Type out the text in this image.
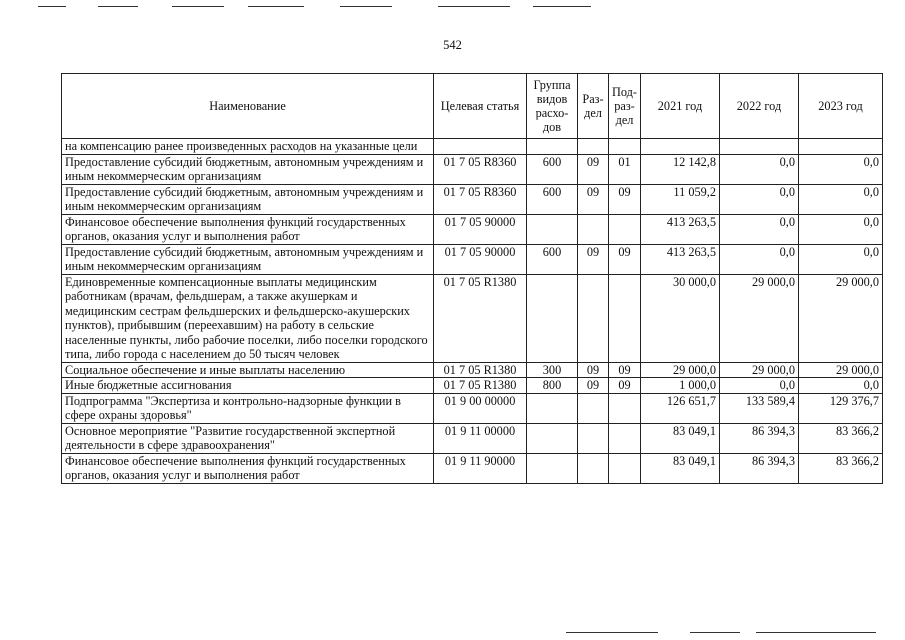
542
Наименование	Целевая статья	Группа видов расхо-дов	Раз-дел	Под-раз-дел	2021 год	2022 год	2023 год
на компенсацию ранее произведенных расходов на указанные цели							
Предоставление субсидий бюджетным, автономным учреждениям и иным некоммерческим организациям	01 7 05 R8360	600	09	01	12 142,8	0,0	0,0
Предоставление субсидий бюджетным, автономным учреждениям и иным некоммерческим организациям	01 7 05 R8360	600	09	09	11 059,2	0,0	0,0
Финансовое обеспечение выполнения функций государственных органов, оказания услуг и выполнения работ	01 7 05 90000				413 263,5	0,0	0,0
Предоставление субсидий бюджетным, автономным учреждениям и иным некоммерческим организациям	01 7 05 90000	600	09	09	413 263,5	0,0	0,0
Единовременные компенсационные выплаты медицинским работникам (врачам, фельдшерам, а также акушеркам и медицинским сестрам фельдшерских и фельдшерско-акушерских пунктов), прибывшим (переехавшим) на работу в сельские населенные пункты, либо рабочие поселки, либо поселки городского типа, либо города с населением до 50 тысяч человек	01 7 05 R1380				30 000,0	29 000,0	29 000,0
Социальное обеспечение и иные выплаты населению	01 7 05 R1380	300	09	09	29 000,0	29 000,0	29 000,0
Иные бюджетные ассигнования	01 7 05 R1380	800	09	09	1 000,0	0,0	0,0
Подпрограмма "Экспертиза и контрольно-надзорные функции в сфере охраны здоровья"	01 9 00 00000				126 651,7	133 589,4	129 376,7
Основное мероприятие "Развитие государственной экспертной деятельности в сфере здравоохранения"	01 9 11 00000				83 049,1	86 394,3	83 366,2
Финансовое обеспечение выполнения функций государственных органов, оказания услуг и выполнения работ	01 9 11 90000				83 049,1	86 394,3	83 366,2
